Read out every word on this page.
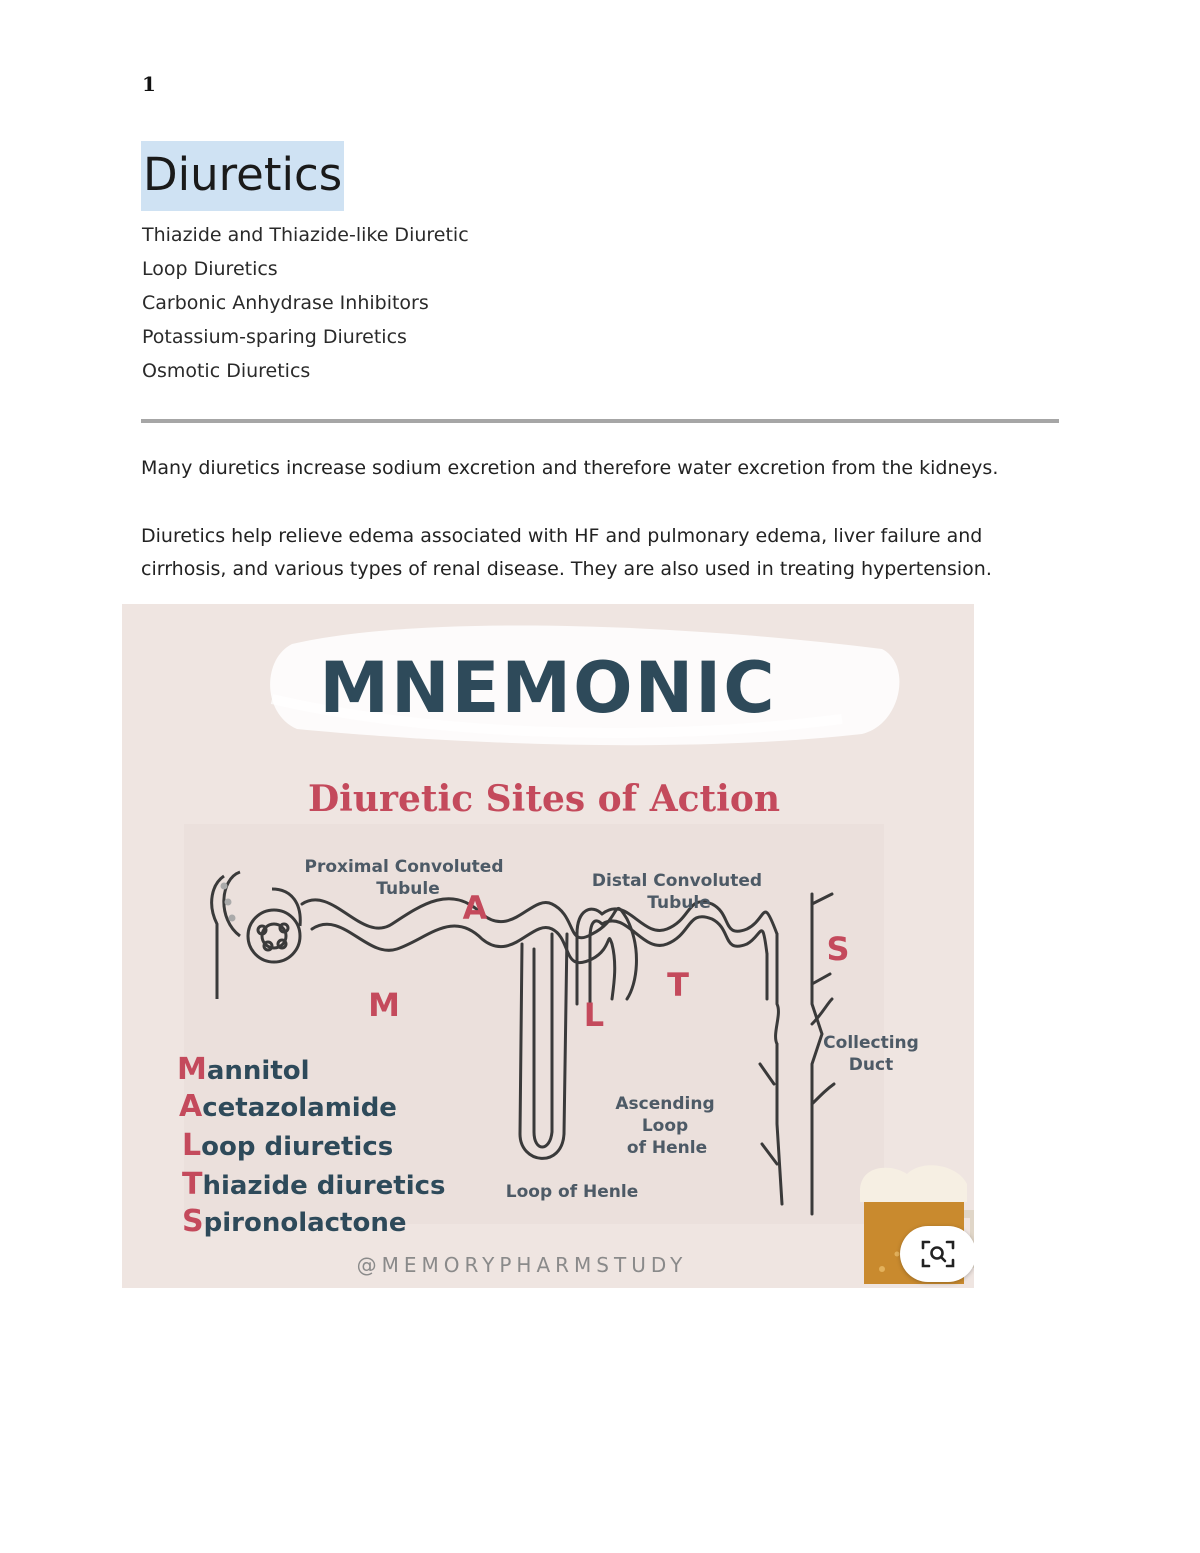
1
Diuretics
Thiazide and Thiazide-like Diuretic
Loop Diuretics
Carbonic Anhydrase Inhibitors
Potassium-sparing Diuretics
Osmotic Diuretics

Many diuretics increase sodium excretion and therefore water excretion from the kidneys.

Diuretics help relieve edema associated with HF and pulmonary edema, liver failure and cirrhosis, and various types of renal disease. They are also used in treating hypertension.

MNEMONIC
Diuretic Sites of Action
Proximal Convoluted
Tubule	Distal Convoluted
Tubule
Collecting
Duct
Ascending
Loop
of Henle
Loop of Henle
A
M	L
T
S
Mannitol
Acetazolamide
Loop diuretics
Thiazide diuretics
Spironolactone
@MEMORYPHARMSTUDY
